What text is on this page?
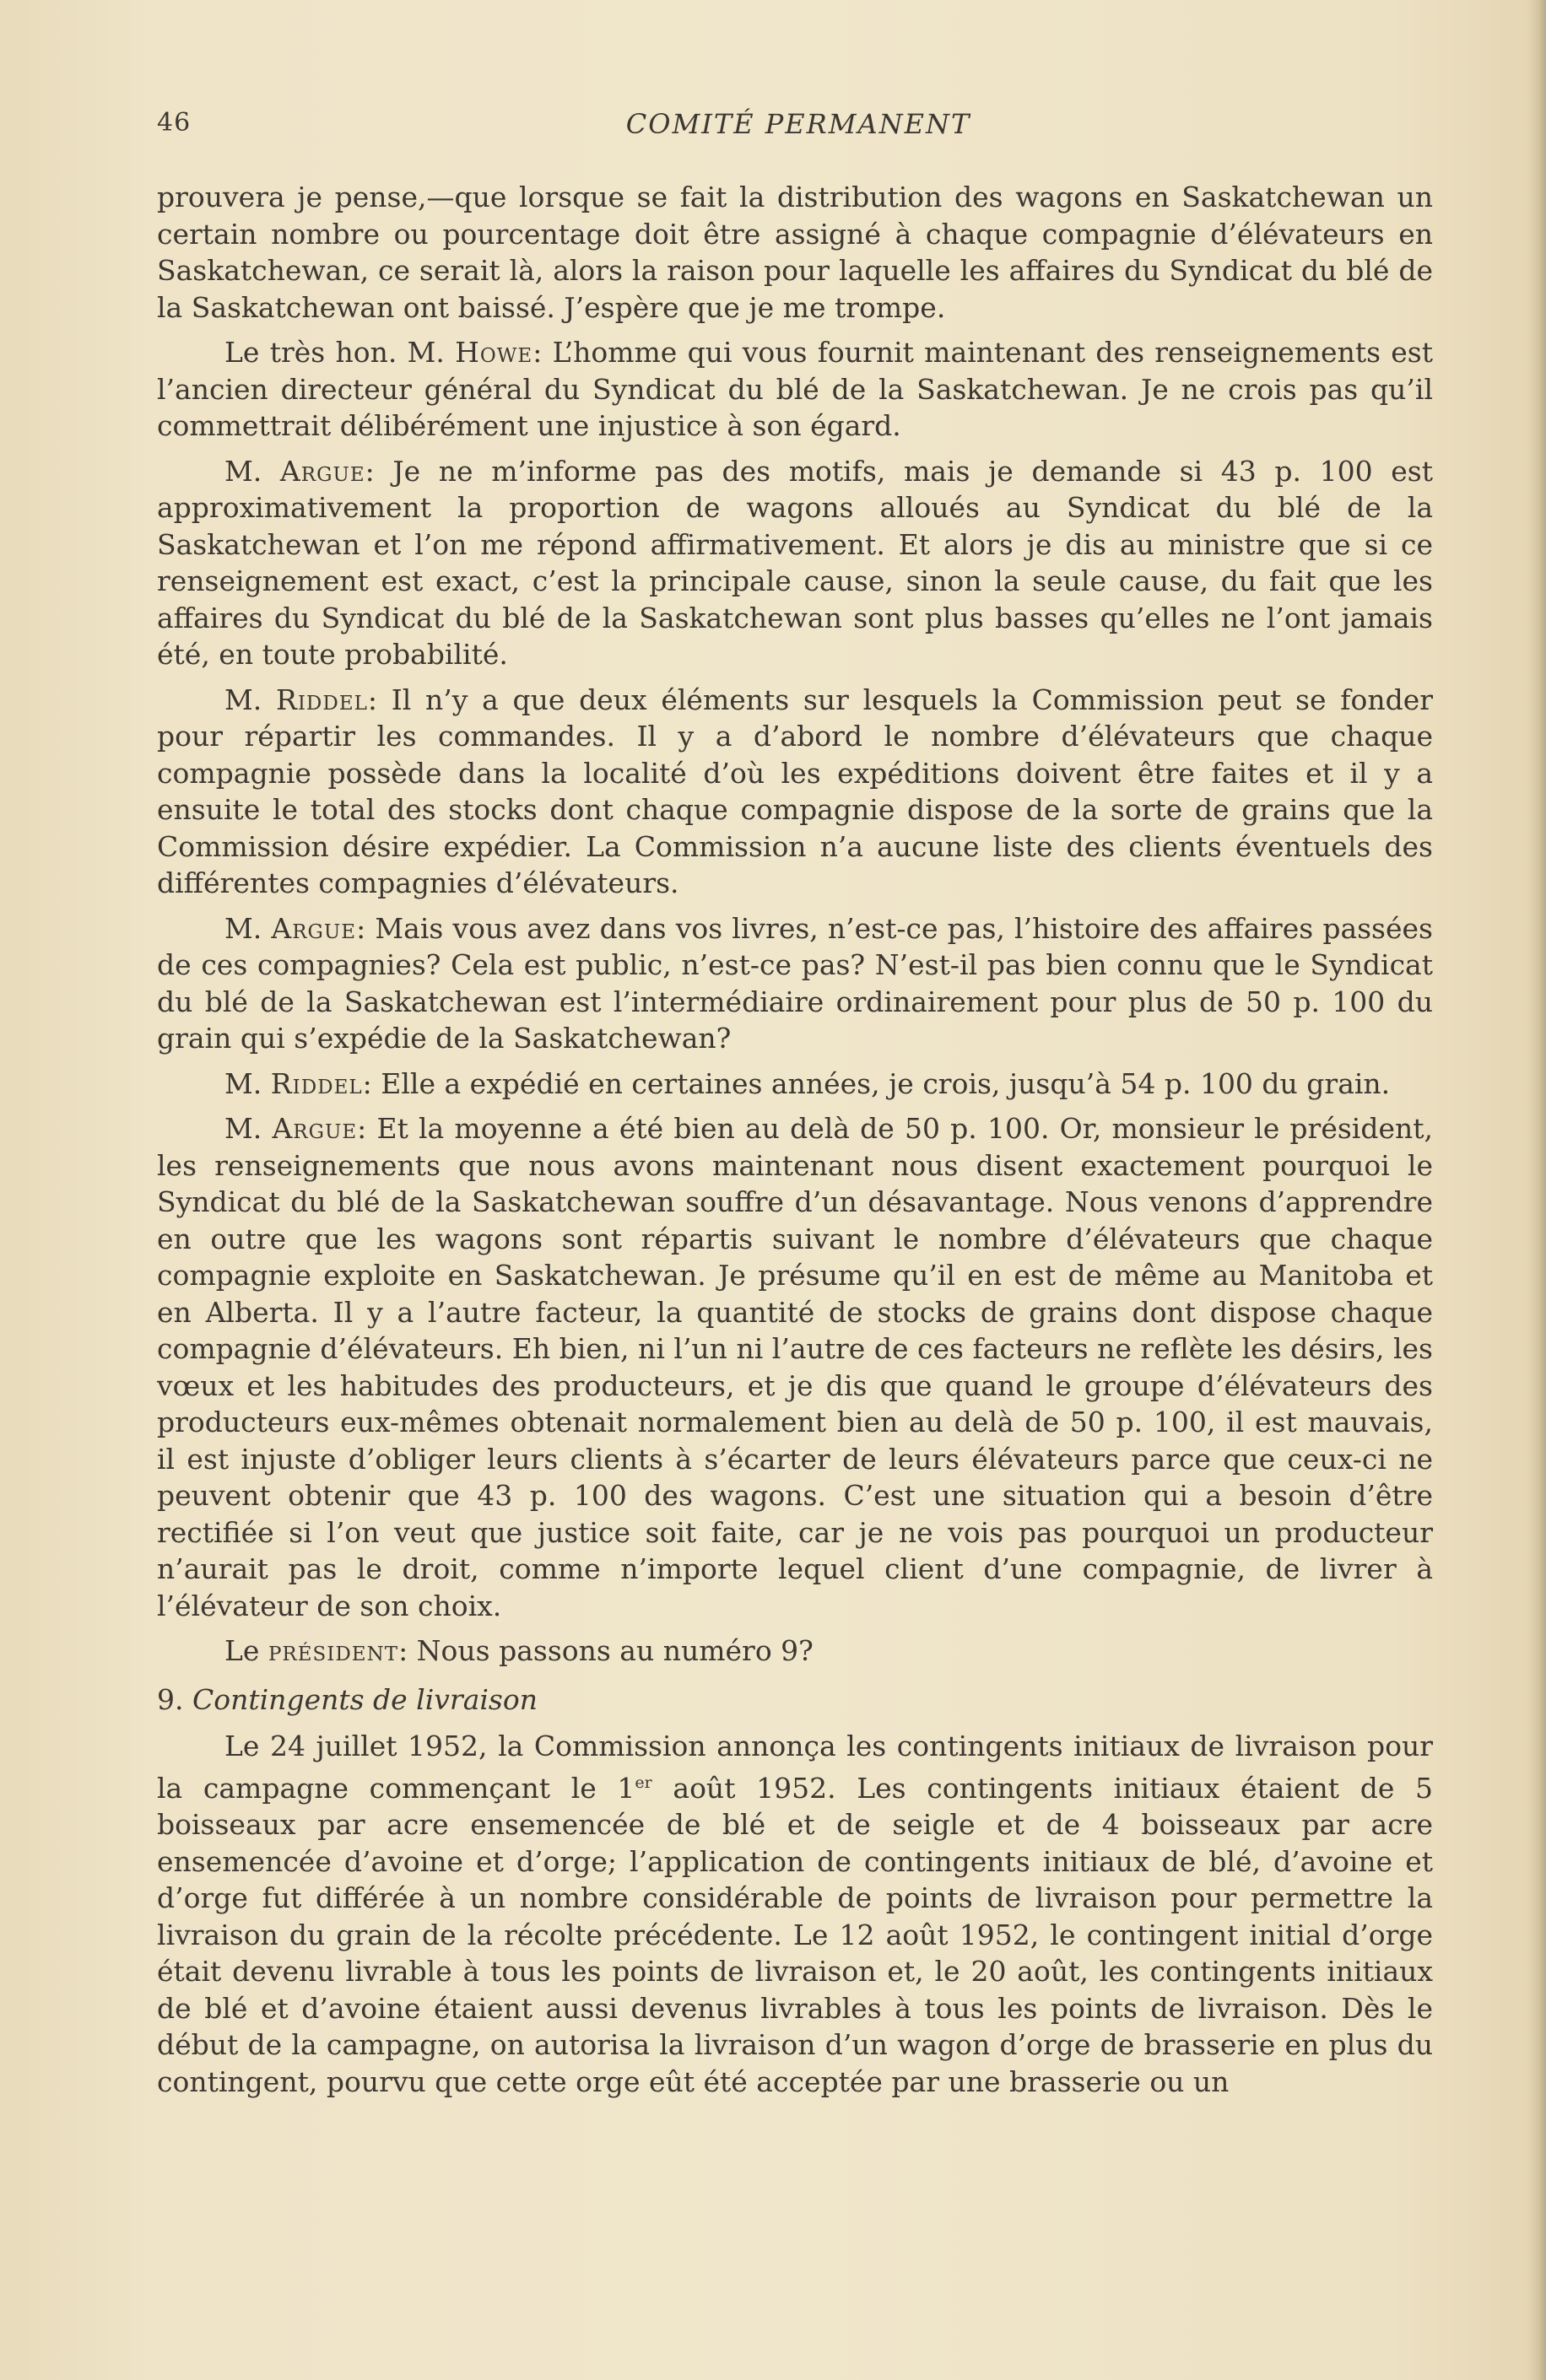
46	COMITÉ PERMANENT

prouvera je pense,—que lorsque se fait la distribution des wagons en Saskatchewan un certain nombre ou pourcentage doit être assigné à chaque compagnie d’élévateurs en Saskatchewan, ce serait là, alors la raison pour laquelle les affaires du Syndicat du blé de la Saskatchewan ont baissé. J’espère que je me trompe.

Le très hon. M. Howe: L’homme qui vous fournit maintenant des renseignements est l’ancien directeur général du Syndicat du blé de la Saskatchewan. Je ne crois pas qu’il commettrait délibérément une injustice à son égard.

M. Argue: Je ne m’informe pas des motifs, mais je demande si 43 p. 100 est approximativement la proportion de wagons alloués au Syndicat du blé de la Saskatchewan et l’on me répond affirmativement. Et alors je dis au ministre que si ce renseignement est exact, c’est la principale cause, sinon la seule cause, du fait que les affaires du Syndicat du blé de la Saskatchewan sont plus basses qu’elles ne l’ont jamais été, en toute probabilité.

M. Riddel: Il n’y a que deux éléments sur lesquels la Commission peut se fonder pour répartir les commandes. Il y a d’abord le nombre d’élévateurs que chaque compagnie possède dans la localité d’où les expéditions doivent être faites et il y a ensuite le total des stocks dont chaque compagnie dispose de la sorte de grains que la Commission désire expédier. La Commission n’a aucune liste des clients éventuels des différentes compagnies d’élévateurs.

M. Argue: Mais vous avez dans vos livres, n’est-ce pas, l’histoire des affaires passées de ces compagnies? Cela est public, n’est-ce pas? N’est-il pas bien connu que le Syndicat du blé de la Saskatchewan est l’intermédiaire ordinairement pour plus de 50 p. 100 du grain qui s’expédie de la Saskatchewan?

M. Riddel: Elle a expédié en certaines années, je crois, jusqu’à 54 p. 100 du grain.

M. Argue: Et la moyenne a été bien au delà de 50 p. 100. Or, monsieur le président, les renseignements que nous avons maintenant nous disent exactement pourquoi le Syndicat du blé de la Saskatchewan souffre d’un désavantage. Nous venons d’apprendre en outre que les wagons sont répartis suivant le nombre d’élévateurs que chaque compagnie exploite en Saskatchewan. Je présume qu’il en est de même au Manitoba et en Alberta. Il y a l’autre facteur, la quantité de stocks de grains dont dispose chaque compagnie d’élévateurs. Eh bien, ni l’un ni l’autre de ces facteurs ne reflète les désirs, les vœux et les habitudes des producteurs, et je dis que quand le groupe d’élévateurs des producteurs eux-mêmes obtenait normalement bien au delà de 50 p. 100, il est mauvais, il est injuste d’obliger leurs clients à s’écarter de leurs élévateurs parce que ceux-ci ne peuvent obtenir que 43 p. 100 des wagons. C’est une situation qui a besoin d’être rectifiée si l’on veut que justice soit faite, car je ne vois pas pourquoi un producteur n’aurait pas le droit, comme n’importe lequel client d’une compagnie, de livrer à l’élévateur de son choix.

Le président: Nous passons au numéro 9?

9. Contingents de livraison

Le 24 juillet 1952, la Commission annonça les contingents initiaux de livraison pour la campagne commençant le 1er août 1952. Les contingents initiaux étaient de 5 boisseaux par acre ensemencée de blé et de seigle et de 4 boisseaux par acre ensemencée d’avoine et d’orge; l’application de contingents initiaux de blé, d’avoine et d’orge fut différée à un nombre considérable de points de livraison pour permettre la livraison du grain de la récolte précédente. Le 12 août 1952, le contingent initial d’orge était devenu livrable à tous les points de livraison et, le 20 août, les contingents initiaux de blé et d’avoine étaient aussi devenus livrables à tous les points de livraison. Dès le début de la campagne, on autorisa la livraison d’un wagon d’orge de brasserie en plus du contingent, pourvu que cette orge eût été acceptée par une brasserie ou un
